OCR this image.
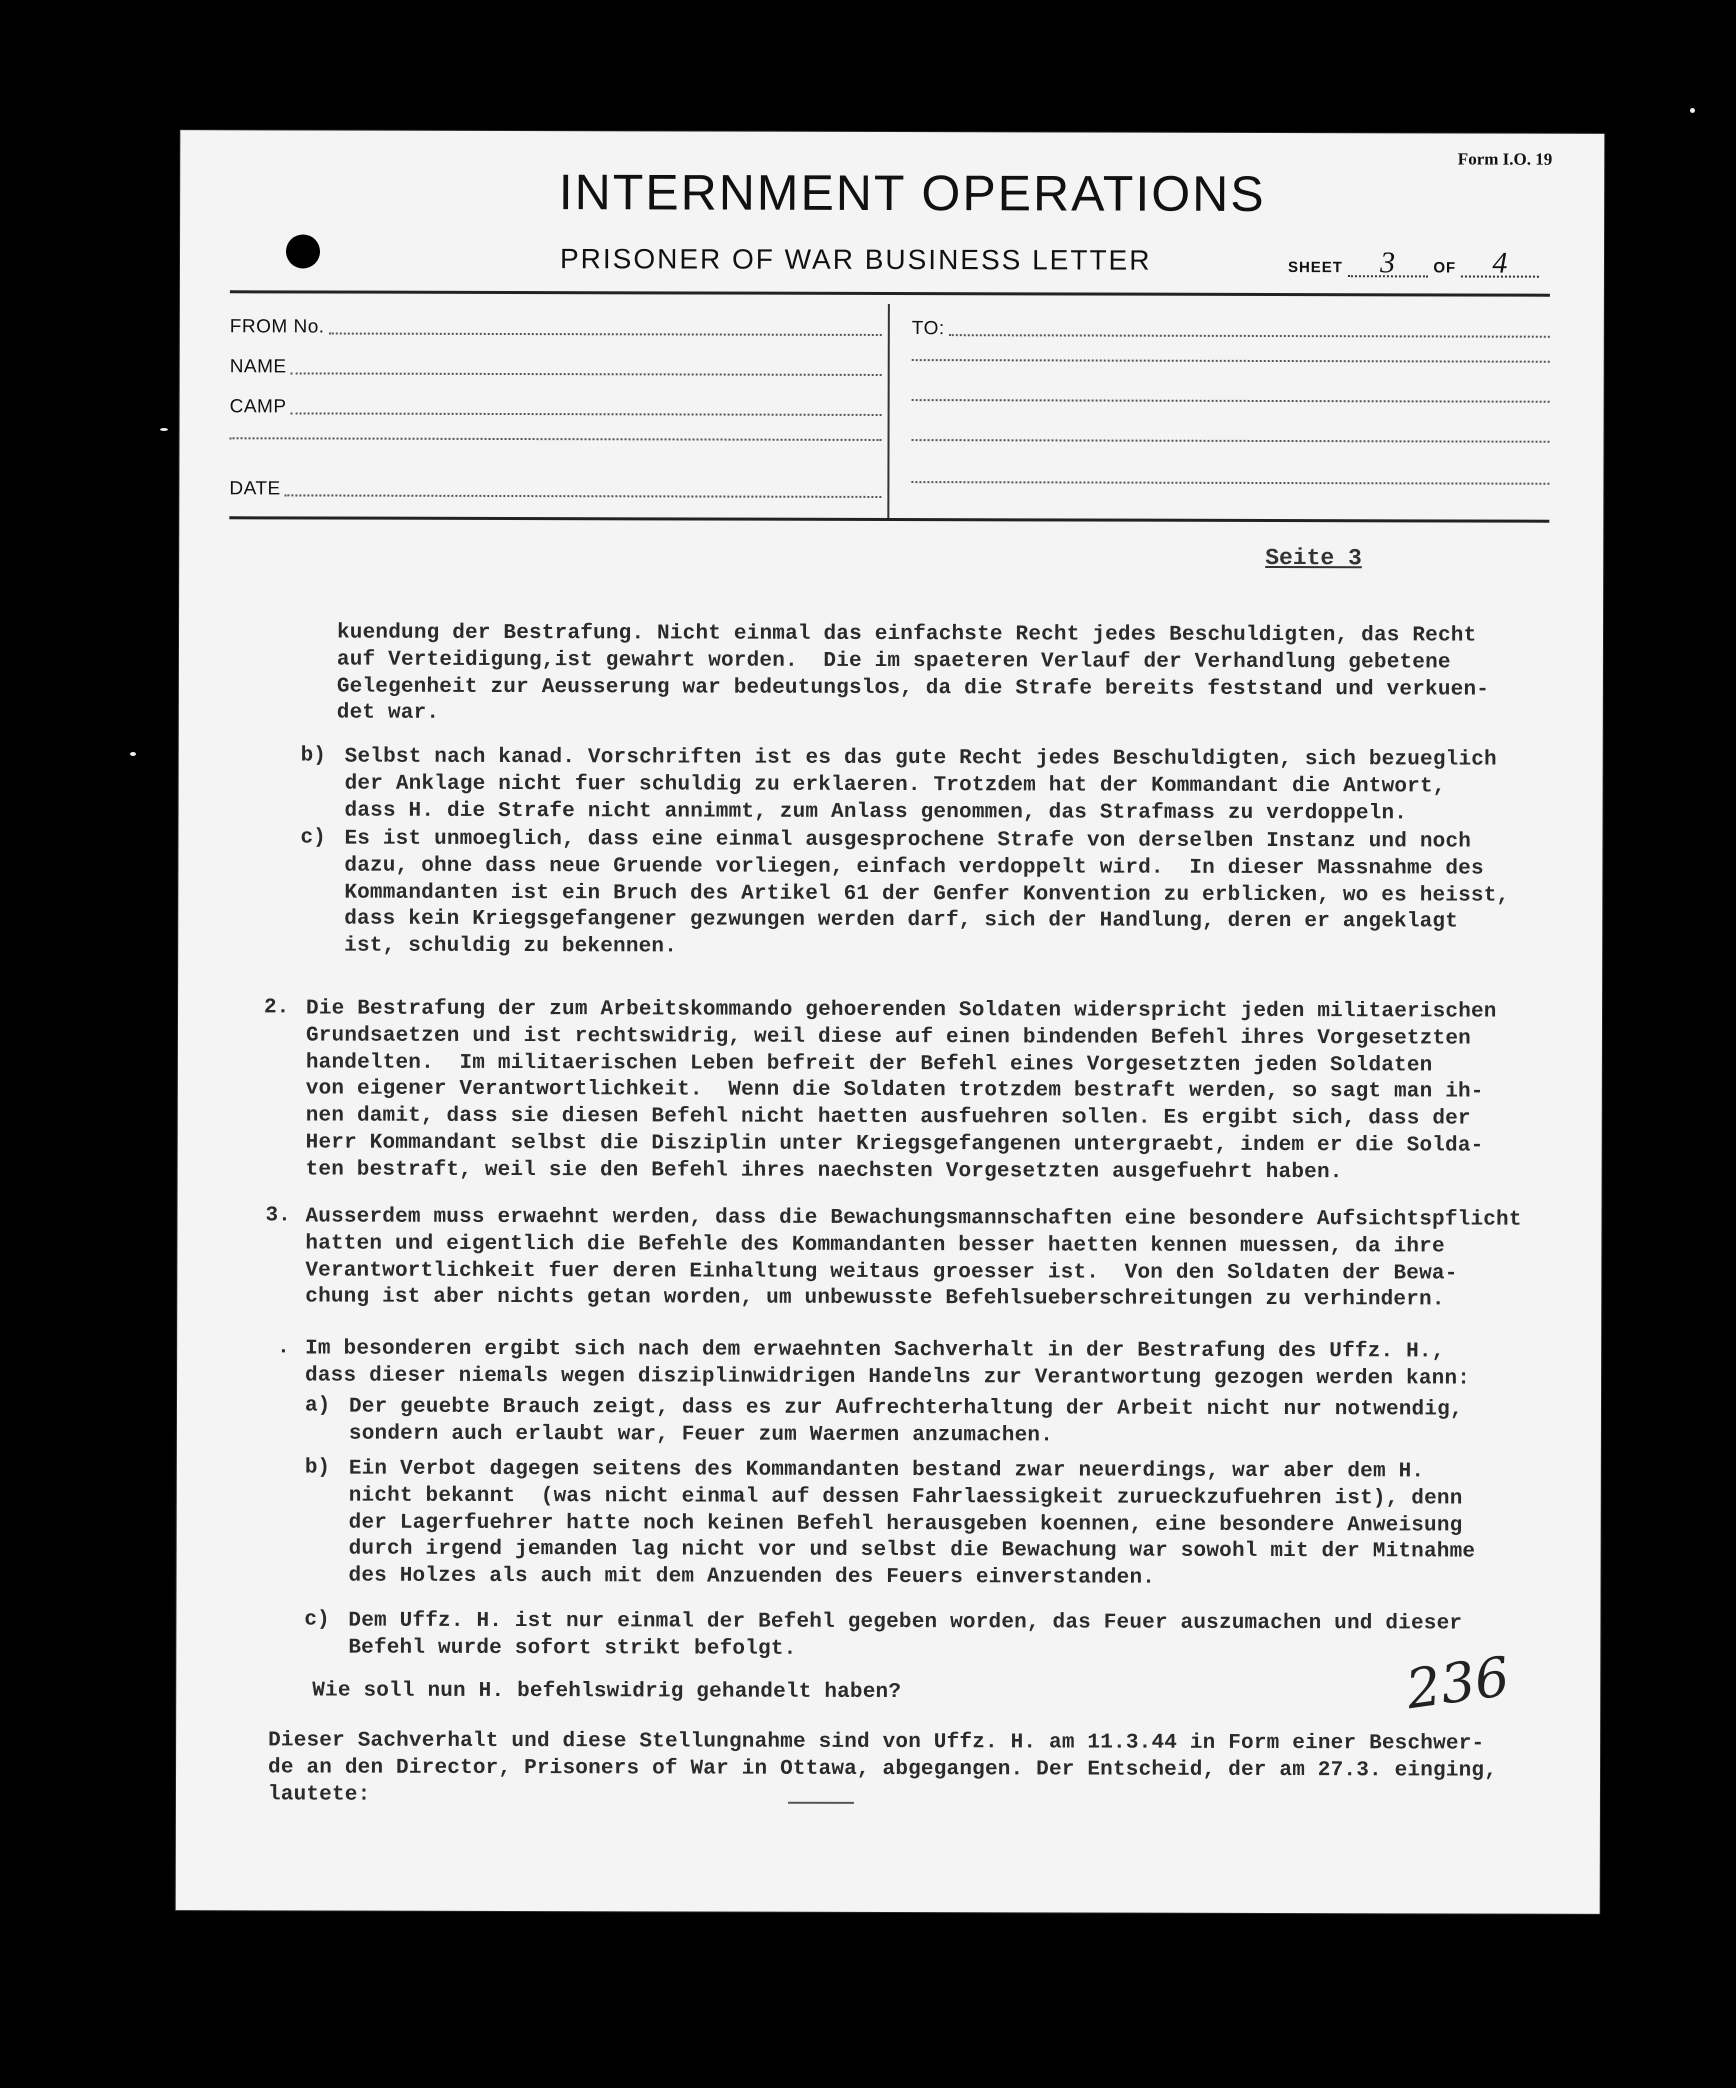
Form I.O. 19
INTERNMENT OPERATIONS
PRISONER OF WAR BUSINESS LETTER	SHEET 3 OF 4
FROM No.
NAME
CAMP
DATE
TO:
Seite 3
kuendung der Bestrafung. Nicht einmal das einfachste Recht jedes Beschuldigten, das Recht
auf Verteidigung,ist gewahrt worden.  Die im spaeteren Verlauf der Verhandlung gebetene
Gelegenheit zur Aeusserung war bedeutungslos, da die Strafe bereits feststand und verkuen-
det war.
b) Selbst nach kanad. Vorschriften ist es das gute Recht jedes Beschuldigten, sich bezueglich
der Anklage nicht fuer schuldig zu erklaeren. Trotzdem hat der Kommandant die Antwort,
dass H. die Strafe nicht annimmt, zum Anlass genommen, das Strafmass zu verdoppeln.
c) Es ist unmoeglich, dass eine einmal ausgesprochene Strafe von derselben Instanz und noch
dazu, ohne dass neue Gruende vorliegen, einfach verdoppelt wird.  In dieser Massnahme des
Kommandanten ist ein Bruch des Artikel 61 der Genfer Konvention zu erblicken, wo es heisst,
dass kein Kriegsgefangener gezwungen werden darf, sich der Handlung, deren er angeklagt
ist, schuldig zu bekennen.
2. Die Bestrafung der zum Arbeitskommando gehoerenden Soldaten widerspricht jeden militaerischen
Grundsaetzen und ist rechtswidrig, weil diese auf einen bindenden Befehl ihres Vorgesetzten
handelten.  Im militaerischen Leben befreit der Befehl eines Vorgesetzten jeden Soldaten
von eigener Verantwortlichkeit.  Wenn die Soldaten trotzdem bestraft werden, so sagt man ih-
nen damit, dass sie diesen Befehl nicht haetten ausfuehren sollen. Es ergibt sich, dass der
Herr Kommandant selbst die Disziplin unter Kriegsgefangenen untergraebt, indem er die Solda-
ten bestraft, weil sie den Befehl ihres naechsten Vorgesetzten ausgefuehrt haben.
3. Ausserdem muss erwaehnt werden, dass die Bewachungsmannschaften eine besondere Aufsichtspflicht
hatten und eigentlich die Befehle des Kommandanten besser haetten kennen muessen, da ihre
Verantwortlichkeit fuer deren Einhaltung weitaus groesser ist.  Von den Soldaten der Bewa-
chung ist aber nichts getan worden, um unbewusste Befehlsueberschreitungen zu verhindern.
. Im besonderen ergibt sich nach dem erwaehnten Sachverhalt in der Bestrafung des Uffz. H.,
dass dieser niemals wegen disziplinwidrigen Handelns zur Verantwortung gezogen werden kann:
a) Der geuebte Brauch zeigt, dass es zur Aufrechterhaltung der Arbeit nicht nur notwendig,
sondern auch erlaubt war, Feuer zum Waermen anzumachen.
b) Ein Verbot dagegen seitens des Kommandanten bestand zwar neuerdings, war aber dem H.
nicht bekannt  (was nicht einmal auf dessen Fahrlaessigkeit zurueckzufuehren ist), denn
der Lagerfuehrer hatte noch keinen Befehl herausgeben koennen, eine besondere Anweisung
durch irgend jemanden lag nicht vor und selbst die Bewachung war sowohl mit der Mitnahme
des Holzes als auch mit dem Anzuenden des Feuers einverstanden.
c) Dem Uffz. H. ist nur einmal der Befehl gegeben worden, das Feuer auszumachen und dieser
Befehl wurde sofort strikt befolgt.
Wie soll nun H. befehlswidrig gehandelt haben?
Dieser Sachverhalt und diese Stellungnahme sind von Uffz. H. am 11.3.44 in Form einer Beschwer-
de an den Director, Prisoners of War in Ottawa, abgegangen. Der Entscheid, der am 27.3. einging,
lautete:
236
